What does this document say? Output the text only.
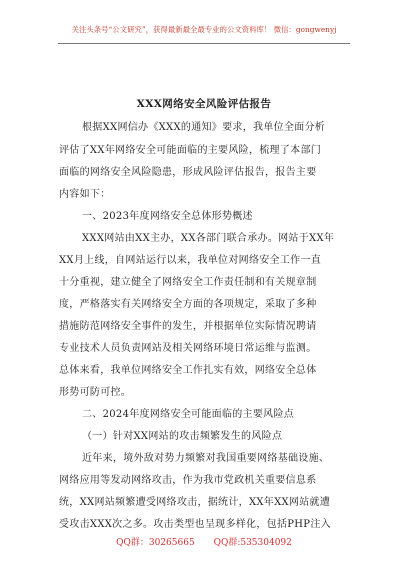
关注头条号“公文研究”，获得最新最全最专业的公文资料库！ 微信：gongwenyj
XXX网络安全风险评估报告
根据XX网信办《XXX的通知》要求，我单位全面分析
评估了XX年网络安全可能面临的主要风险，梳理了本部门
面临的网络安全风险隐患，形成风险评估报告，报告主要
内容如下：
一、2023年度网络安全总体形势概述
XXX网站由XX主办，XX各部门联合承办。网站于XX年
XX月上线，自网站运行以来，我单位对网络安全工作一直
十分重视，建立健全了网络安全工作责任制和有关规章制
度，严格落实有关网络安全方面的各项规定，采取了多种
措施防范网络安全事件的发生，并根据单位实际情况聘请
专业技术人员负责网站及相关网络环境日常运维与监测。
总体来看，我单位网络安全工作扎实有效，网络安全总体
形势可防可控。
二、2024年度网络安全可能面临的主要风险点
（一）针对XX网站的攻击频繁发生的风险点
近年来，境外敌对势力频繁对我国重要网络基础设施、
网络应用等发动网络攻击，作为我市党政机关重要信息系
统，XX网站频繁遭受网络攻击，据统计，XX年XX网站就遭
受攻击XXX次之多。攻击类型也呈现多样化，包括PHP注入
QQ群：30265665 QQ群:535304092
